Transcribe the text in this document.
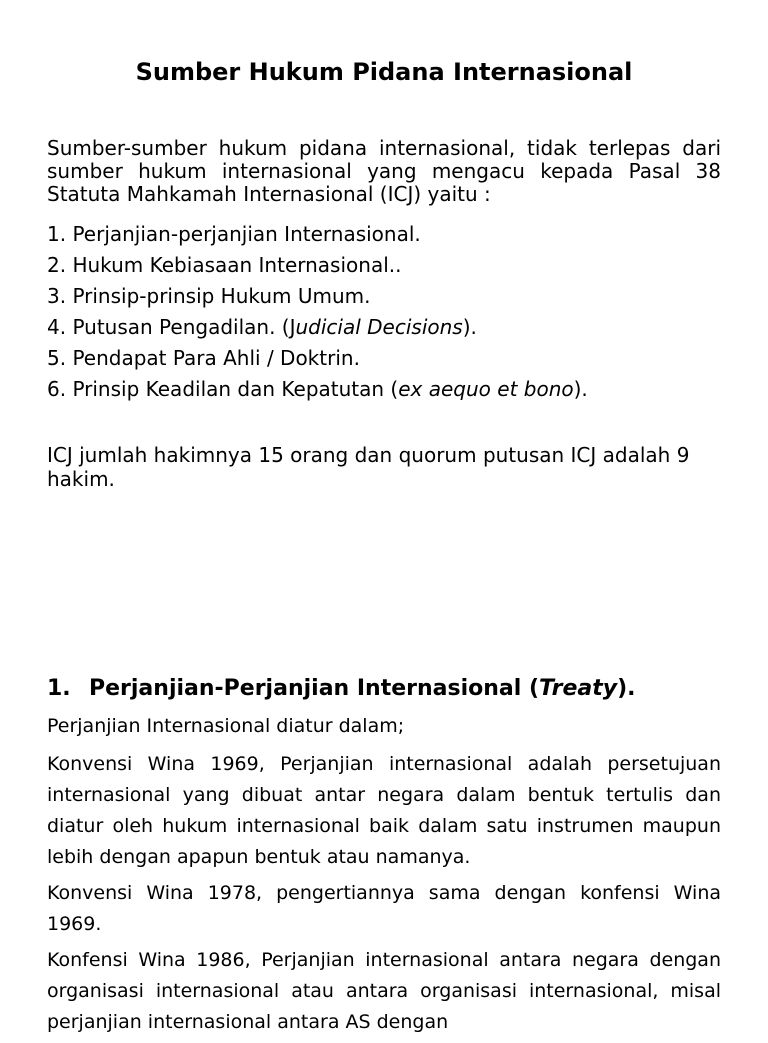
Sumber Hukum Pidana Internasional
Sumber-sumber hukum pidana internasional, tidak terlepas dari sumber hukum internasional yang mengacu kepada Pasal 38 Statuta Mahkamah Internasional (ICJ) yaitu :
1. Perjanjian-perjanjian Internasional.
2. Hukum Kebiasaan Internasional..
3. Prinsip-prinsip Hukum Umum.
4. Putusan Pengadilan. (Judicial Decisions).
5. Pendapat Para Ahli / Doktrin.
6. Prinsip Keadilan dan Kepatutan (ex aequo et bono).
ICJ jumlah hakimnya 15 orang dan quorum putusan ICJ adalah 9 hakim.
1. Perjanjian-Perjanjian Internasional (Treaty).

Perjanjian Internasional diatur dalam;

Konvensi Wina 1969, Perjanjian internasional adalah persetujuan internasional yang dibuat antar negara dalam bentuk tertulis dan diatur oleh hukum internasional baik dalam satu instrumen maupun lebih dengan apapun bentuk atau namanya.

Konvensi Wina 1978, pengertiannya sama dengan konfensi Wina 1969.

Konfensi Wina 1986, Perjanjian internasional antara negara dengan organisasi internasional atau antara organisasi internasional, misal perjanjian internasional antara AS dengan
